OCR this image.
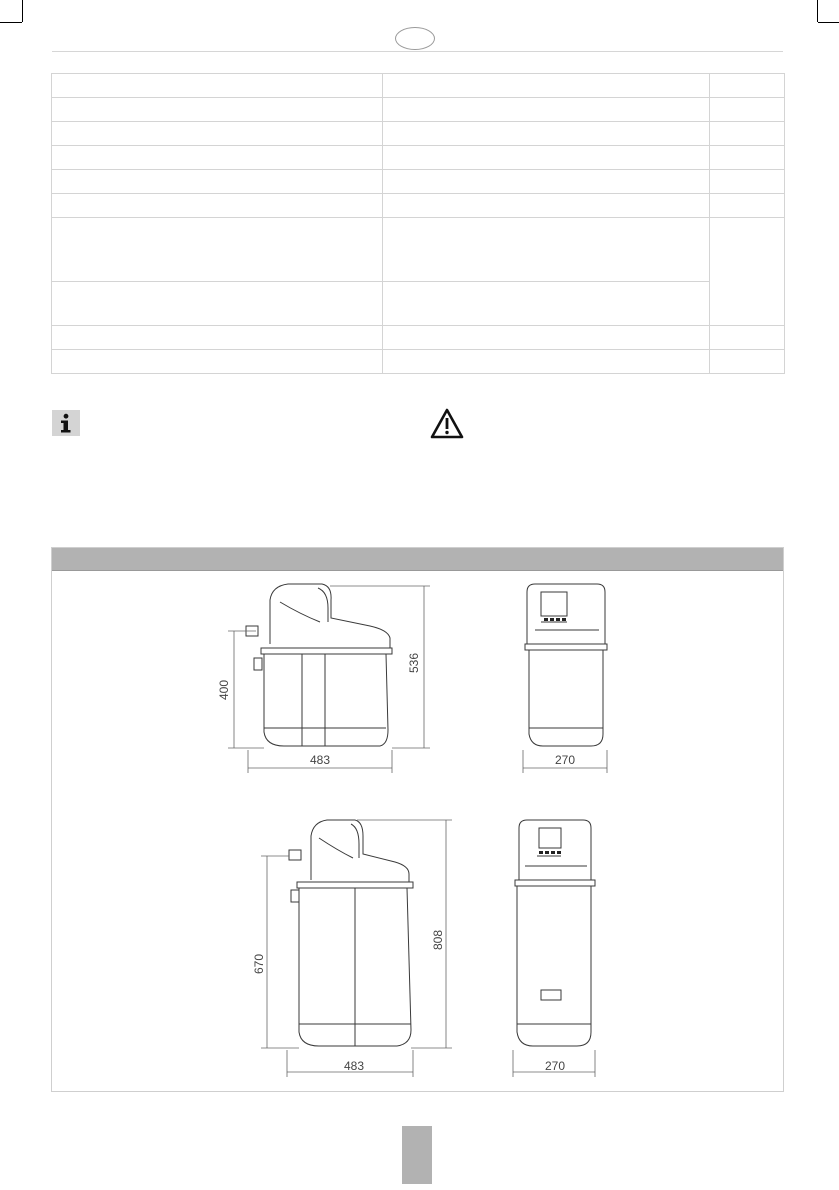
400
536
483	270
670
808
483	270
